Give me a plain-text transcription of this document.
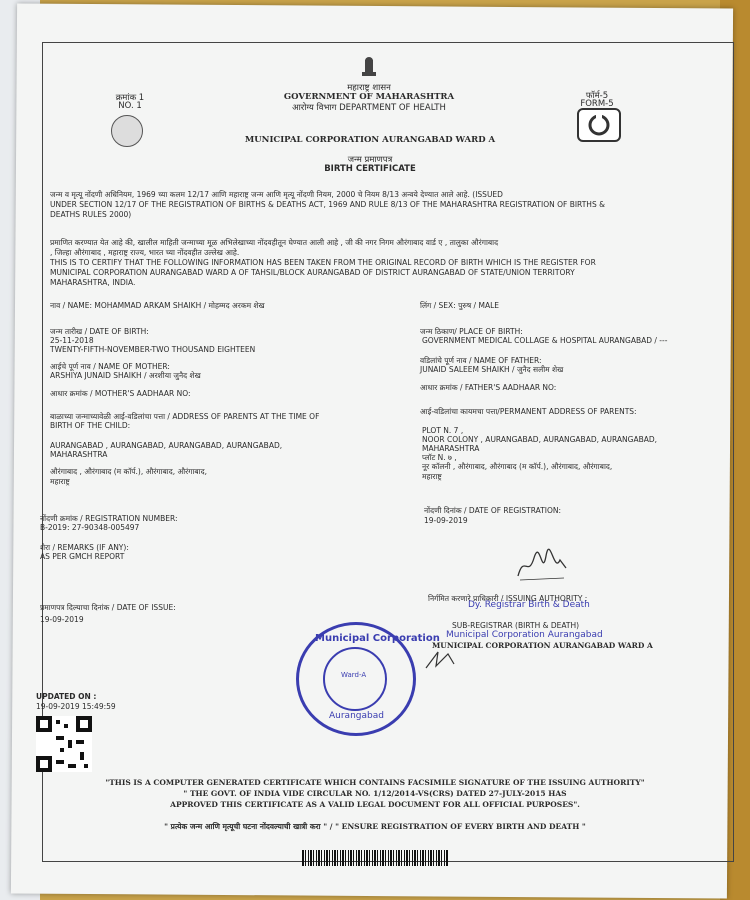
क्रमांक 1
NO. 1
महाराष्ट्र शासन
GOVERNMENT OF MAHARASHTRA
आरोग्य विभाग DEPARTMENT OF HEALTH
फॉर्म-5
FORM-5
MUNICIPAL CORPORATION AURANGABAD WARD A
जन्म प्रमाणपत्र
BIRTH CERTIFICATE
जन्म व मृत्यू नोंदणी अधिनियम, 1969 च्या कलम 12/17 आणि महाराष्ट्र जन्म आणि मृत्यू नोंदणी नियम, 2000 चे नियम 8/13 अन्वये देण्यात आले आहे. (ISSUED
UNDER SECTION 12/17 OF THE REGISTRATION OF BIRTHS & DEATHS ACT, 1969 AND RULE 8/13 OF THE MAHARASHTRA REGISTRATION OF BIRTHS &
DEATHS RULES 2000)
प्रमाणित करण्यात येत आहे की, खालील माहिती जन्माच्या मूळ अभिलेखाच्या नोंदवहीतून घेण्यात आली आहे , जी की नगर निगम औरंगाबाद वार्ड ए , तालुका औरंगाबाद
, जिल्हा औरंगाबाद , महाराष्ट्र राज्य, भारत च्या नोंदवहीत उल्लेख आहे.
THIS IS TO CERTIFY THAT THE FOLLOWING INFORMATION HAS BEEN TAKEN FROM THE ORIGINAL RECORD OF BIRTH WHICH IS THE REGISTER FOR
MUNICIPAL CORPORATION AURANGABAD WARD A OF TAHSIL/BLOCK AURANGABAD OF DISTRICT AURANGABAD OF STATE/UNION TERRITORY
MAHARASHTRA, INDIA.
नाव / NAME: MOHAMMAD ARKAM SHAIKH / मोहम्मद अरकम शेख	लिंग / SEX: पुरुष / MALE
जन्म तारीख / DATE OF BIRTH:
25-11-2018
TWENTY-FIFTH-NOVEMBER-TWO THOUSAND EIGHTEEN
जन्म ठिकाण/ PLACE OF BIRTH:
GOVERNMENT MEDICAL COLLAGE & HOSPITAL AURANGABAD / ---
आईचे पूर्ण नाव / NAME OF MOTHER:
ARSHIYA JUNAID SHAIKH / अरशीया जुनैद शेख
वडिलांचे पूर्ण नाव / NAME OF FATHER:
JUNAID SALEEM SHAIKH / जुनैद सलीम शेख
आधार क्रमांक / MOTHER'S AADHAAR NO:
आधार क्रमांक / FATHER'S AADHAAR NO:
बाळाच्या जन्माच्यावेळी आई-वडिलांचा पत्ता / ADDRESS OF PARENTS AT THE TIME OF
BIRTH OF THE CHILD:
AURANGABAD , AURANGABAD, AURANGABAD, AURANGABAD,
MAHARASHTRA
औरंगाबाद , औरंगाबाद (म कॉर्प.), औरंगाबाद, औरंगाबाद,
महाराष्ट्र
आई-वडिलांचा कायमचा पत्ता/PERMANENT ADDRESS OF PARENTS:
PLOT N. 7 ,
NOOR COLONY , AURANGABAD, AURANGABAD, AURANGABAD,
MAHARASHTRA
प्लॉट N. ७ ,
नूर कॉलनी , औरंगाबाद, औरंगाबाद (म कॉर्प.), औरंगाबाद, औरंगाबाद,
महाराष्ट्र
नोंदणी क्रमांक / REGISTRATION NUMBER:
B-2019: 27-90348-005497
नोंदणी दिनांक / DATE OF REGISTRATION:
19-09-2019
शेरा / REMARKS (IF ANY):
AS PER GMCH REPORT
प्रमाणपत्र दिल्याचा दिनांक / DATE OF ISSUE:
19-09-2019
निर्गमित करणारे प्राधिकारी / ISSUING AUTHORITY :
Dy. Registrar Birth & Death
SUB-REGISTRAR (BIRTH & DEATH)
Municipal Corporation Aurangabad
MUNICIPAL CORPORATION AURANGABAD WARD A
Municipal Corporation
Ward-A
Aurangabad
UPDATED ON :
19-09-2019 15:49:59
"THIS IS A COMPUTER GENERATED CERTIFICATE WHICH CONTAINS FACSIMILE SIGNATURE OF THE ISSUING AUTHORITY"
" THE GOVT. OF INDIA VIDE CIRCULAR NO. 1/12/2014-VS(CRS) DATED 27-JULY-2015 HAS
APPROVED THIS CERTIFICATE AS A VALID LEGAL DOCUMENT FOR ALL OFFICIAL PURPOSES".
" प्रत्येक जन्म आणि मृत्यूची घटना नोंदवल्याची खात्री करा " / " ENSURE REGISTRATION OF EVERY BIRTH AND DEATH "
